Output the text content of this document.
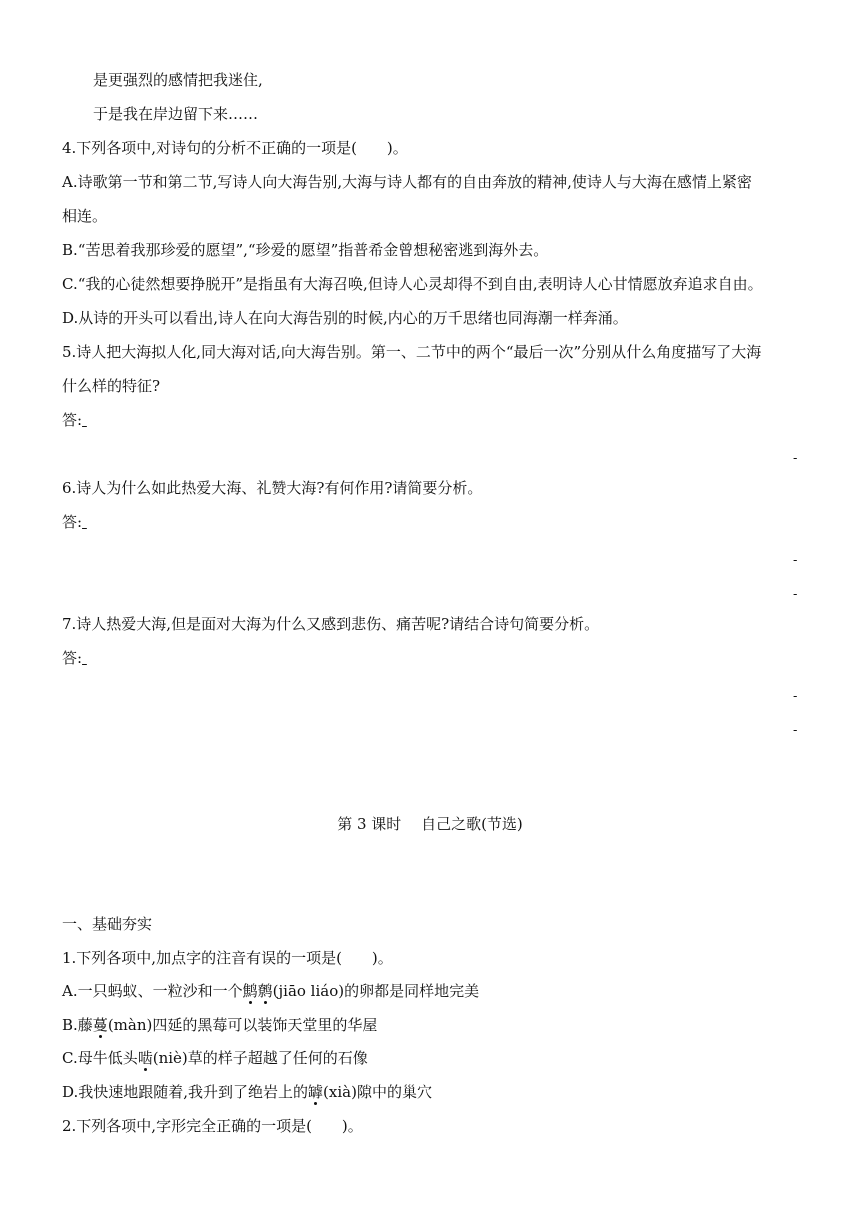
是更强烈的感情把我迷住,
于是我在岸边留下来……
4.下列各项中,对诗句的分析不正确的一项是(　　)。
A.诗歌第一节和第二节,写诗人向大海告别,大海与诗人都有的自由奔放的精神,使诗人与大海在感情上紧密
相连。
B.“苦思着我那珍爱的愿望”,“珍爱的愿望”指普希金曾想秘密逃到海外去。
C.“我的心徒然想要挣脱开”是指虽有大海召唤,但诗人心灵却得不到自由,表明诗人心甘情愿放弃追求自由。
D.从诗的开头可以看出,诗人在向大海告别的时候,内心的万千思绪也同海潮一样奔涌。
5.诗人把大海拟人化,同大海对话,向大海告别。第一、二节中的两个“最后一次”分别从什么角度描写了大海
什么样的特征?
答:
-
6.诗人为什么如此热爱大海、礼赞大海?有何作用?请简要分析。
答:
-
-
7.诗人热爱大海,但是面对大海为什么又感到悲伤、痛苦呢?请结合诗句简要分析。
答:
-
-
第 3 课时　 自己之歌(节选)
一、基础夯实
1.下列各项中,加点字的注音有误的一项是(　　)。
A.一只蚂蚁、一粒沙和一个鹪鹩(jiāo liáo)的卵都是同样地完美
B.藤蔓(màn)四延的黑莓可以装饰天堂里的华屋
C.母牛低头啮(niè)草的样子超越了任何的石像
D.我快速地跟随着,我升到了绝岩上的罅(xià)隙中的巢穴
2.下列各项中,字形完全正确的一项是(　　)。
